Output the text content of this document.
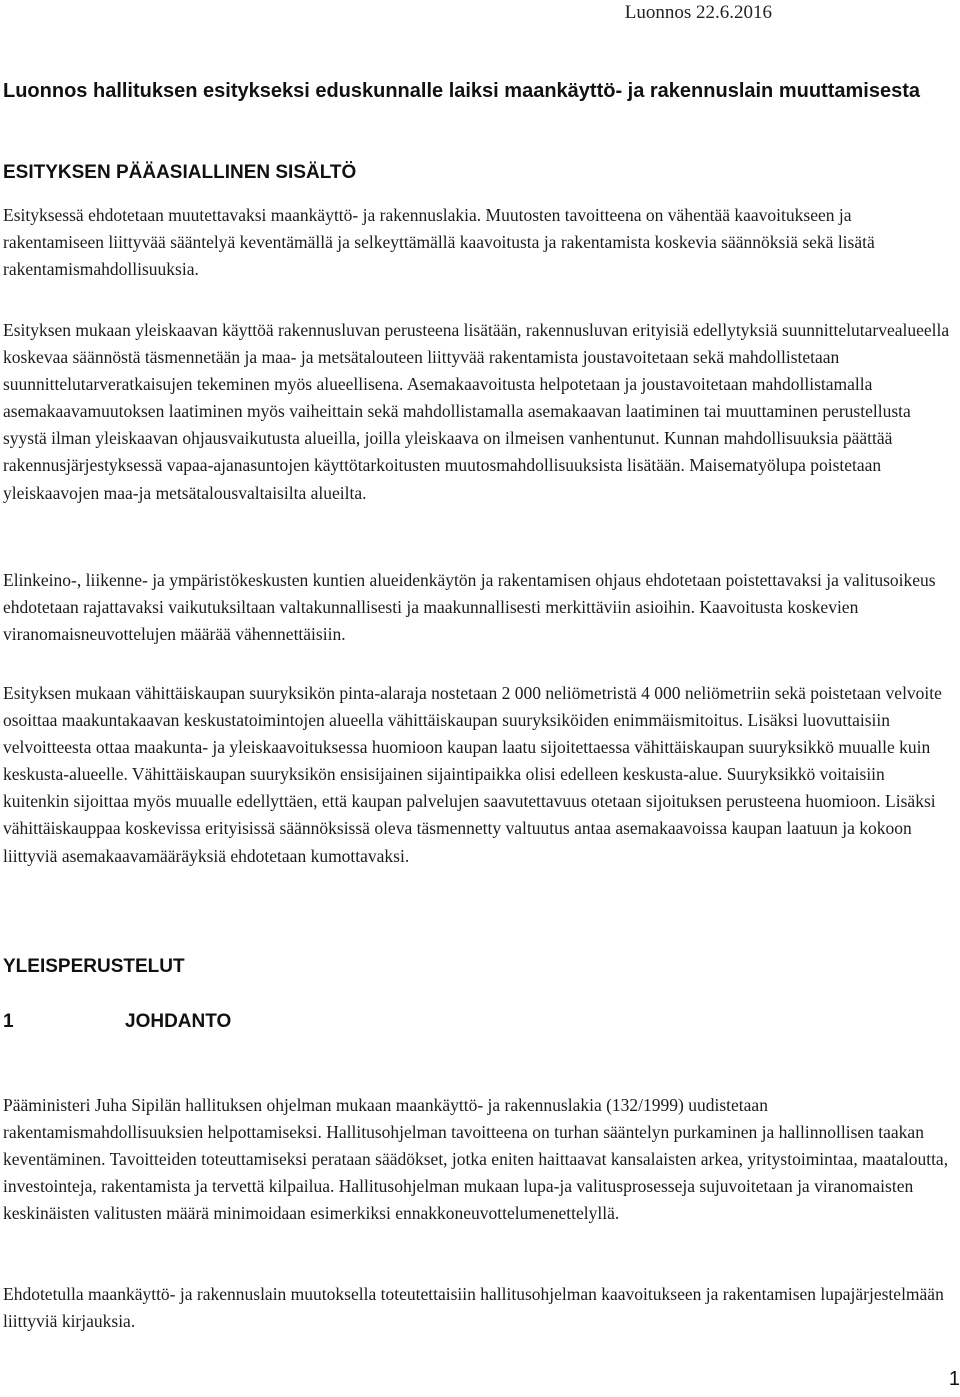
Luonnos 22.6.2016
Luonnos hallituksen esitykseksi eduskunnalle laiksi maankäyttö- ja rakennuslain muuttamisesta
ESITYKSEN PÄÄASIALLINEN SISÄLTÖ

Esityksessä ehdotetaan muutettavaksi maankäyttö- ja rakennuslakia. Muutosten tavoitteena on vähentää kaavoitukseen ja rakentamiseen liittyvää sääntelyä keventämällä ja selkeyttämällä kaavoitusta ja rakentamista koskevia säännöksiä sekä lisätä rakentamismahdollisuuksia.

Esityksen mukaan yleiskaavan käyttöä rakennusluvan perusteena lisätään, rakennusluvan erityisiä edellytyksiä suunnittelutarvealueella koskevaa säännöstä täsmennetään ja maa- ja metsätalouteen liittyvää rakentamista joustavoitetaan sekä mahdollistetaan suunnittelutarveratkaisujen tekeminen myös alueellisena. Asemakaavoitusta helpotetaan ja joustavoitetaan mahdollistamalla asemakaavamuutoksen laatiminen myös vaiheittain sekä mahdollistamalla asemakaavan laatiminen tai muuttaminen perustellusta syystä ilman yleiskaavan ohjausvaikutusta alueilla, joilla yleiskaava on ilmeisen vanhentunut. Kunnan mahdollisuuksia päättää rakennusjärjestyksessä vapaa-ajanasuntojen käyttötarkoitusten muutosmahdollisuuksista lisätään. Maisematyölupa poistetaan yleiskaavojen maa-ja metsätalousvaltaisilta alueilta.

Elinkeino-, liikenne- ja ympäristökeskusten kuntien alueidenkäytön ja rakentamisen ohjaus ehdotetaan poistettavaksi ja valitusoikeus ehdotetaan rajattavaksi vaikutuksiltaan valtakunnallisesti ja maakunnallisesti merkittäviin asioihin. Kaavoitusta koskevien viranomaisneuvottelujen määrää vähennettäisiin.

Esityksen mukaan vähittäiskaupan suuryksikön pinta-alaraja nostetaan 2 000 neliömetristä 4 000 neliömetriin sekä poistetaan velvoite osoittaa maakuntakaavan keskustatoimintojen alueella vähittäiskaupan suuryksiköiden enimmäismitoitus. Lisäksi luovuttaisiin velvoitteesta ottaa maakunta- ja yleiskaavoituksessa huomioon kaupan laatu sijoitettaessa vähittäiskaupan suuryksikkö muualle kuin keskusta-alueelle. Vähittäiskaupan suuryksikön ensisijainen sijaintipaikka olisi edelleen keskusta-alue. Suuryksikkö voitaisiin kuitenkin sijoittaa myös muualle edellyttäen, että kaupan palvelujen saavutettavuus otetaan sijoituksen perusteena huomioon. Lisäksi vähittäiskauppaa koskevissa erityisissä säännöksissä oleva täsmennetty valtuutus antaa asemakaavoissa kaupan laatuun ja kokoon liittyviä asemakaavamääräyksiä ehdotetaan kumottavaksi.

YLEISPERUSTELUT
1	JOHDANTO

Pääministeri Juha Sipilän hallituksen ohjelman mukaan maankäyttö- ja rakennuslakia (132/1999) uudistetaan rakentamismahdollisuuksien helpottamiseksi. Hallitusohjelman tavoitteena on turhan sääntelyn purkaminen ja hallinnollisen taakan keventäminen. Tavoitteiden toteuttamiseksi perataan säädökset, jotka eniten haittaavat kansalaisten arkea, yritystoimintaa, maataloutta, investointeja, rakentamista ja tervettä kilpailua. Hallitusohjelman mukaan lupa-ja valitusprosesseja sujuvoitetaan ja viranomaisten keskinäisten valitusten määrä minimoidaan esimerkiksi ennakkoneuvottelumenettelyllä.

Ehdotetulla maankäyttö- ja rakennuslain muutoksella toteutettaisiin hallitusohjelman kaavoitukseen ja rakentamisen lupajärjestelmään liittyviä kirjauksia.

1
